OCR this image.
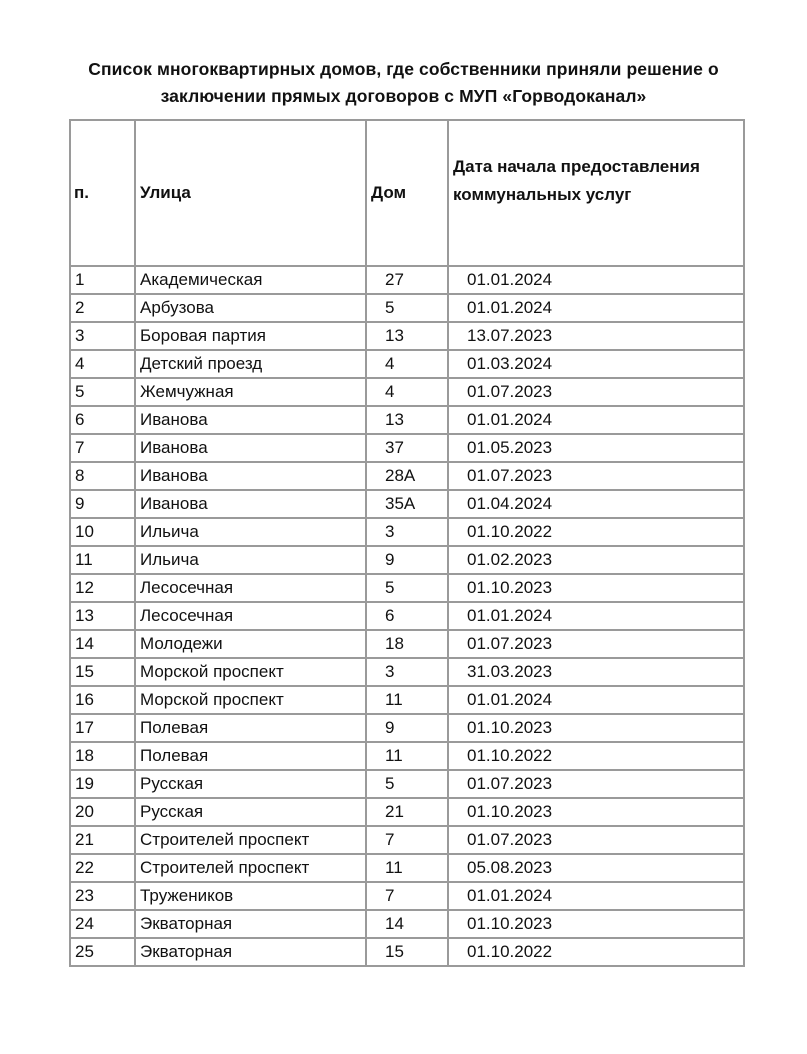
Список многоквартирных домов, где собственники приняли решение о
заключении прямых договоров с МУП «Горводоканал»
п.	Улица	Дом	Дата начала предоставления коммунальных услуг
1	Академическая	27	01.01.2024
2	Арбузова	5	01.01.2024
3	Боровая партия	13	13.07.2023
4	Детский проезд	4	01.03.2024
5	Жемчужная	4	01.07.2023
6	Иванова	13	01.01.2024
7	Иванова	37	01.05.2023
8	Иванова	28А	01.07.2023
9	Иванова	35А	01.04.2024
10	Ильича	3	01.10.2022
11	Ильича	9	01.02.2023
12	Лесосечная	5	01.10.2023
13	Лесосечная	6	01.01.2024
14	Молодежи	18	01.07.2023
15	Морской проспект	3	31.03.2023
16	Морской проспект	11	01.01.2024
17	Полевая	9	01.10.2023
18	Полевая	11	01.10.2022
19	Русская	5	01.07.2023
20	Русская	21	01.10.2023
21	Строителей проспект	7	01.07.2023
22	Строителей проспект	11	05.08.2023
23	Тружеников	7	01.01.2024
24	Экваторная	14	01.10.2023
25	Экваторная	15	01.10.2022
